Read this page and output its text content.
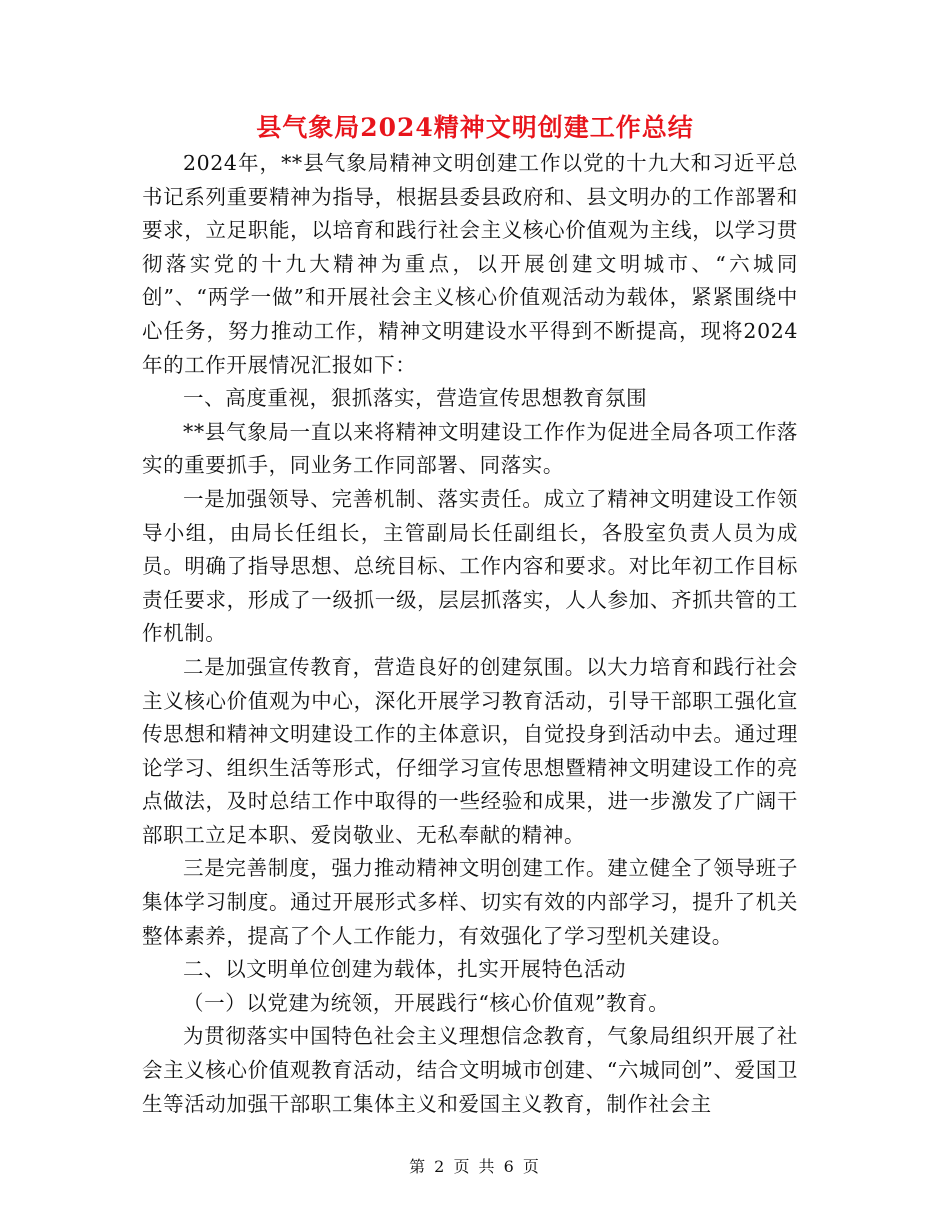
县气象局2024精神文明创建工作总结

2024年，**县气象局精神文明创建工作以党的十九大和习近平总书记系列重要精神为指导，根据县委县政府和、县文明办的工作部署和要求，立足职能，以培育和践行社会主义核心价值观为主线，以学习贯彻落实党的十九大精神为重点，以开展创建文明城市、“六城同创”、“两学一做”和开展社会主义核心价值观活动为载体，紧紧围绕中心任务，努力推动工作，精神文明建设水平得到不断提高，现将2024年的工作开展情况汇报如下：

一、高度重视，狠抓落实，营造宣传思想教育氛围

**县气象局一直以来将精神文明建设工作作为促进全局各项工作落实的重要抓手，同业务工作同部署、同落实。

一是加强领导、完善机制、落实责任。成立了精神文明建设工作领导小组，由局长任组长，主管副局长任副组长，各股室负责人员为成员。明确了指导思想、总统目标、工作内容和要求。对比年初工作目标责任要求，形成了一级抓一级，层层抓落实，人人参加、齐抓共管的工作机制。

二是加强宣传教育，营造良好的创建氛围。以大力培育和践行社会主义核心价值观为中心，深化开展学习教育活动，引导干部职工强化宣传思想和精神文明建设工作的主体意识，自觉投身到活动中去。通过理论学习、组织生活等形式，仔细学习宣传思想暨精神文明建设工作的亮点做法，及时总结工作中取得的一些经验和成果，进一步激发了广阔干部职工立足本职、爱岗敬业、无私奉献的精神。

三是完善制度，强力推动精神文明创建工作。建立健全了领导班子集体学习制度。通过开展形式多样、切实有效的内部学习，提升了机关整体素养，提高了个人工作能力，有效强化了学习型机关建设。

二、以文明单位创建为载体，扎实开展特色活动

（一）以党建为统领，开展践行“核心价值观”教育。

为贯彻落实中国特色社会主义理想信念教育，气象局组织开展了社会主义核心价值观教育活动，结合文明城市创建、“六城同创”、爱国卫生等活动加强干部职工集体主义和爱国主义教育，制作社会主

第 2 页 共 6 页
